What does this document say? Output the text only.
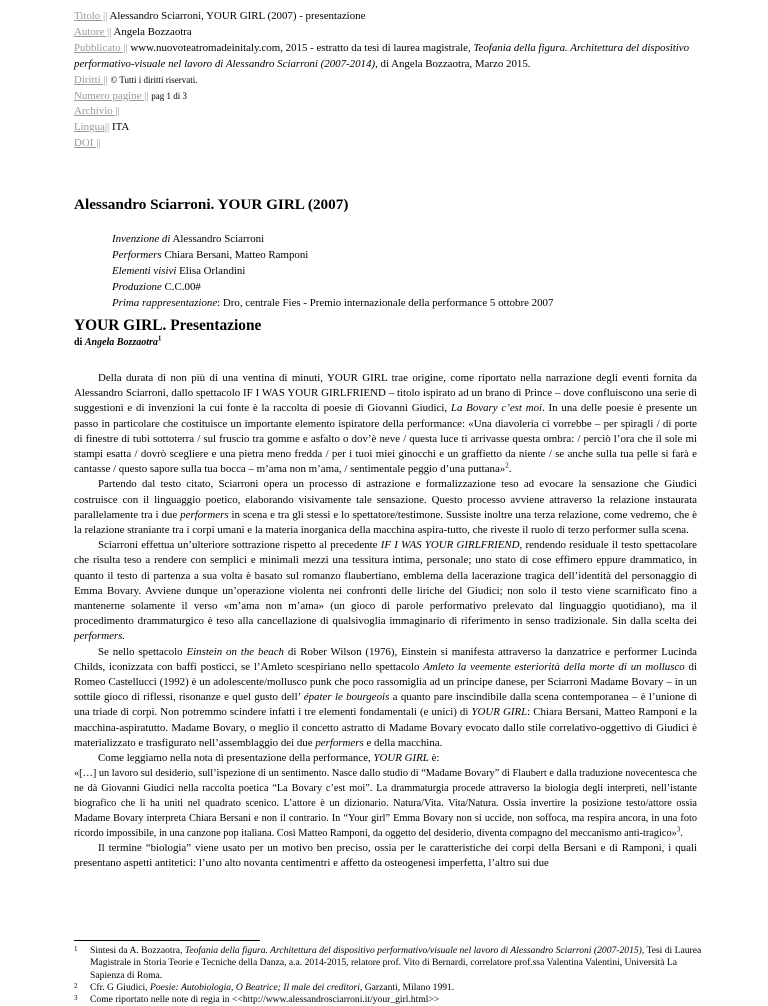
Titolo || Alessandro Sciarroni, YOUR GIRL (2007) - presentazione
Autore || Angela Bozzaotra
Pubblicato || www.nuovoteatromadeinitaly.com, 2015 - estratto da tesi di laurea magistrale, Teofania della figura. Architettura del dispositivo performativo-visuale nel lavoro di Alessandro Sciarroni (2007-2014), di Angela Bozzaotra, Marzo 2015.
Diritti || © Tutti i diritti riservati.
Numero pagine || pag 1 di 3
Archivio ||
Lingua|| ITA
DOI ||
Alessandro Sciarroni. YOUR GIRL (2007)
Invenzione di Alessandro Sciarroni
Performers Chiara Bersani, Matteo Ramponi
Elementi visivi Elisa Orlandini
Produzione C.C.00#
Prima rappresentazione: Dro, centrale Fies - Premio internazionale della performance 5 ottobre 2007
YOUR GIRL. Presentazione
di Angela Bozzaotra$^1$

Della durata di non più di una ventina di minuti, YOUR GIRL trae origine, come riportato nella narrazione degli eventi fornita da Alessandro Sciarroni, dallo spettacolo IF I WAS YOUR GIRLFRIEND – titolo ispirato ad un brano di Prince – dove confluiscono una serie di suggestioni e di invenzioni la cui fonte è la raccolta di poesie di Giovanni Giudici, La Bovary c’est moi. In una delle poesie è presente un passo in particolare che costituisce un importante elemento ispiratore della performance: «Una diavoleria ci vorrebbe – per spiragli / di porte di finestre di tubi sottoterra / sul fruscio tra gomme e asfalto o dov’è neve / questa luce ti arrivasse questa ombra: / perciò l’ora che il sole mi stampi esatta / dovrò scegliere e una pietra meno fredda / per i tuoi miei ginocchi e un graffietto da niente / se anche sulla tua pelle si farà e cantasse / questo sapore sulla tua bocca – m’ama non m’ama, / sentimentale peggio d’una puttana»$^2$.

Partendo dal testo citato, Sciarroni opera un processo di astrazione e formalizzazione teso ad evocare la sensazione che Giudici costruisce con il linguaggio poetico, elaborando visivamente tale sensazione. Questo processo avviene attraverso la relazione instaurata parallelamente tra i due performers in scena e tra gli stessi e lo spettatore/testimone. Sussiste inoltre una terza relazione, come vedremo, che è la relazione straniante tra i corpi umani e la materia inorganica della macchina aspira-tutto, che riveste il ruolo di terzo performer sulla scena.

Sciarroni effettua un’ulteriore sottrazione rispetto al precedente IF I WAS YOUR GIRLFRIEND, rendendo residuale il testo spettacolare che risulta teso a rendere con semplici e minimali mezzi una tessitura intima, personale; uno stato di cose effimero eppure drammatico, in quanto il testo di partenza a sua volta è basato sul romanzo flaubertiano, emblema della lacerazione tragica dell’identità del personaggio di Emma Bovary. Avviene dunque un’operazione violenta nei confronti delle liriche del Giudici; non solo il testo viene scarnificato fino a mantenerne solamente il verso «m’ama non m’ama» (un gioco di parole performativo prelevato dal linguaggio quotidiano), ma il procedimento drammaturgico è teso alla cancellazione di qualsivoglia immaginario di riferimento in senso tradizionale. Sin dalla scelta dei performers.

Se nello spettacolo Einstein on the beach di Rober Wilson (1976), Einstein si manifesta attraverso la danzatrice e performer Lucinda Childs, iconizzata con baffi posticci, se l’Amleto scespiriano nello spettacolo Amleto la veemente esteriorità della morte di un mollusco di Romeo Castellucci (1992) è un adolescente/mollusco punk che poco rassomiglia ad un principe danese, per Sciarroni Madame Bovary – in un sottile gioco di riflessi, risonanze e quel gusto dell’ épater le bourgeois a quanto pare inscindibile dalla scena contemporanea – è l’unione di una triade di corpi. Non potremmo scindere infatti i tre elementi fondamentali (e unici) di YOUR GIRL: Chiara Bersani, Matteo Ramponi e la macchina-aspiratutto. Madame Bovary, o meglio il concetto astratto di Madame Bovary evocato dallo stile correlativo-oggettivo di Giudici è materializzato e trasfigurato nell’assemblaggio dei due performers e della macchina.

Come leggiamo nella nota di presentazione della performance, YOUR GIRL è:

«[…] un lavoro sul desiderio, sull’ispezione di un sentimento. Nasce dallo studio di “Madame Bovary” di Flaubert e dalla traduzione novecentesca che ne dà Giovanni Giudici nella raccolta poetica “La Bovary c’est moi”. La drammaturgia procede attraverso la biologia degli interpreti, nell’istante biografico che li ha uniti nel quadrato scenico. L’attore è un dizionario. Natura/Vita. Vita/Natura. Ossia invertire la posizione testo/attore ossia Madame Bovary interpreta Chiara Bersani e non il contrario. In “Your girl” Emma Bovary non si uccide, non soffoca, ma respira ancora, in una foto ricordo impossibile, in una canzone pop italiana. Così Matteo Ramponi, da oggetto del desiderio, diventa compagno del meccanismo anti-tragico»$^3$.

Il termine “biologia” viene usato per un motivo ben preciso, ossia per le caratteristiche dei corpi della Bersani e di Ramponi, i quali presentano aspetti antitetici: l’uno alto novanta centimentri e affetto da osteogenesi imperfetta, l’altro sui due

1 Sintesi da A. Bozzaotra, Teofania della figura. Architettura del dispositivo performativo/visuale nel lavoro di Alessandro Sciarroni (2007-2015), Tesi di Laurea Magistrale in Storia Teorie e Tecniche della Danza, a.a. 2014-2015, relatore prof. Vito di Bernardi, correlatore prof.ssa Valentina Valentini, Università La Sapienza di Roma.
2 Cfr. G Giudici, Poesie: Autobiologia, O Beatrice; Il male dei creditori, Garzanti, Milano 1991.
3 Come riportato nelle note di regia in <<http://www.alessandrosciarroni.it/your_girl.html>>
